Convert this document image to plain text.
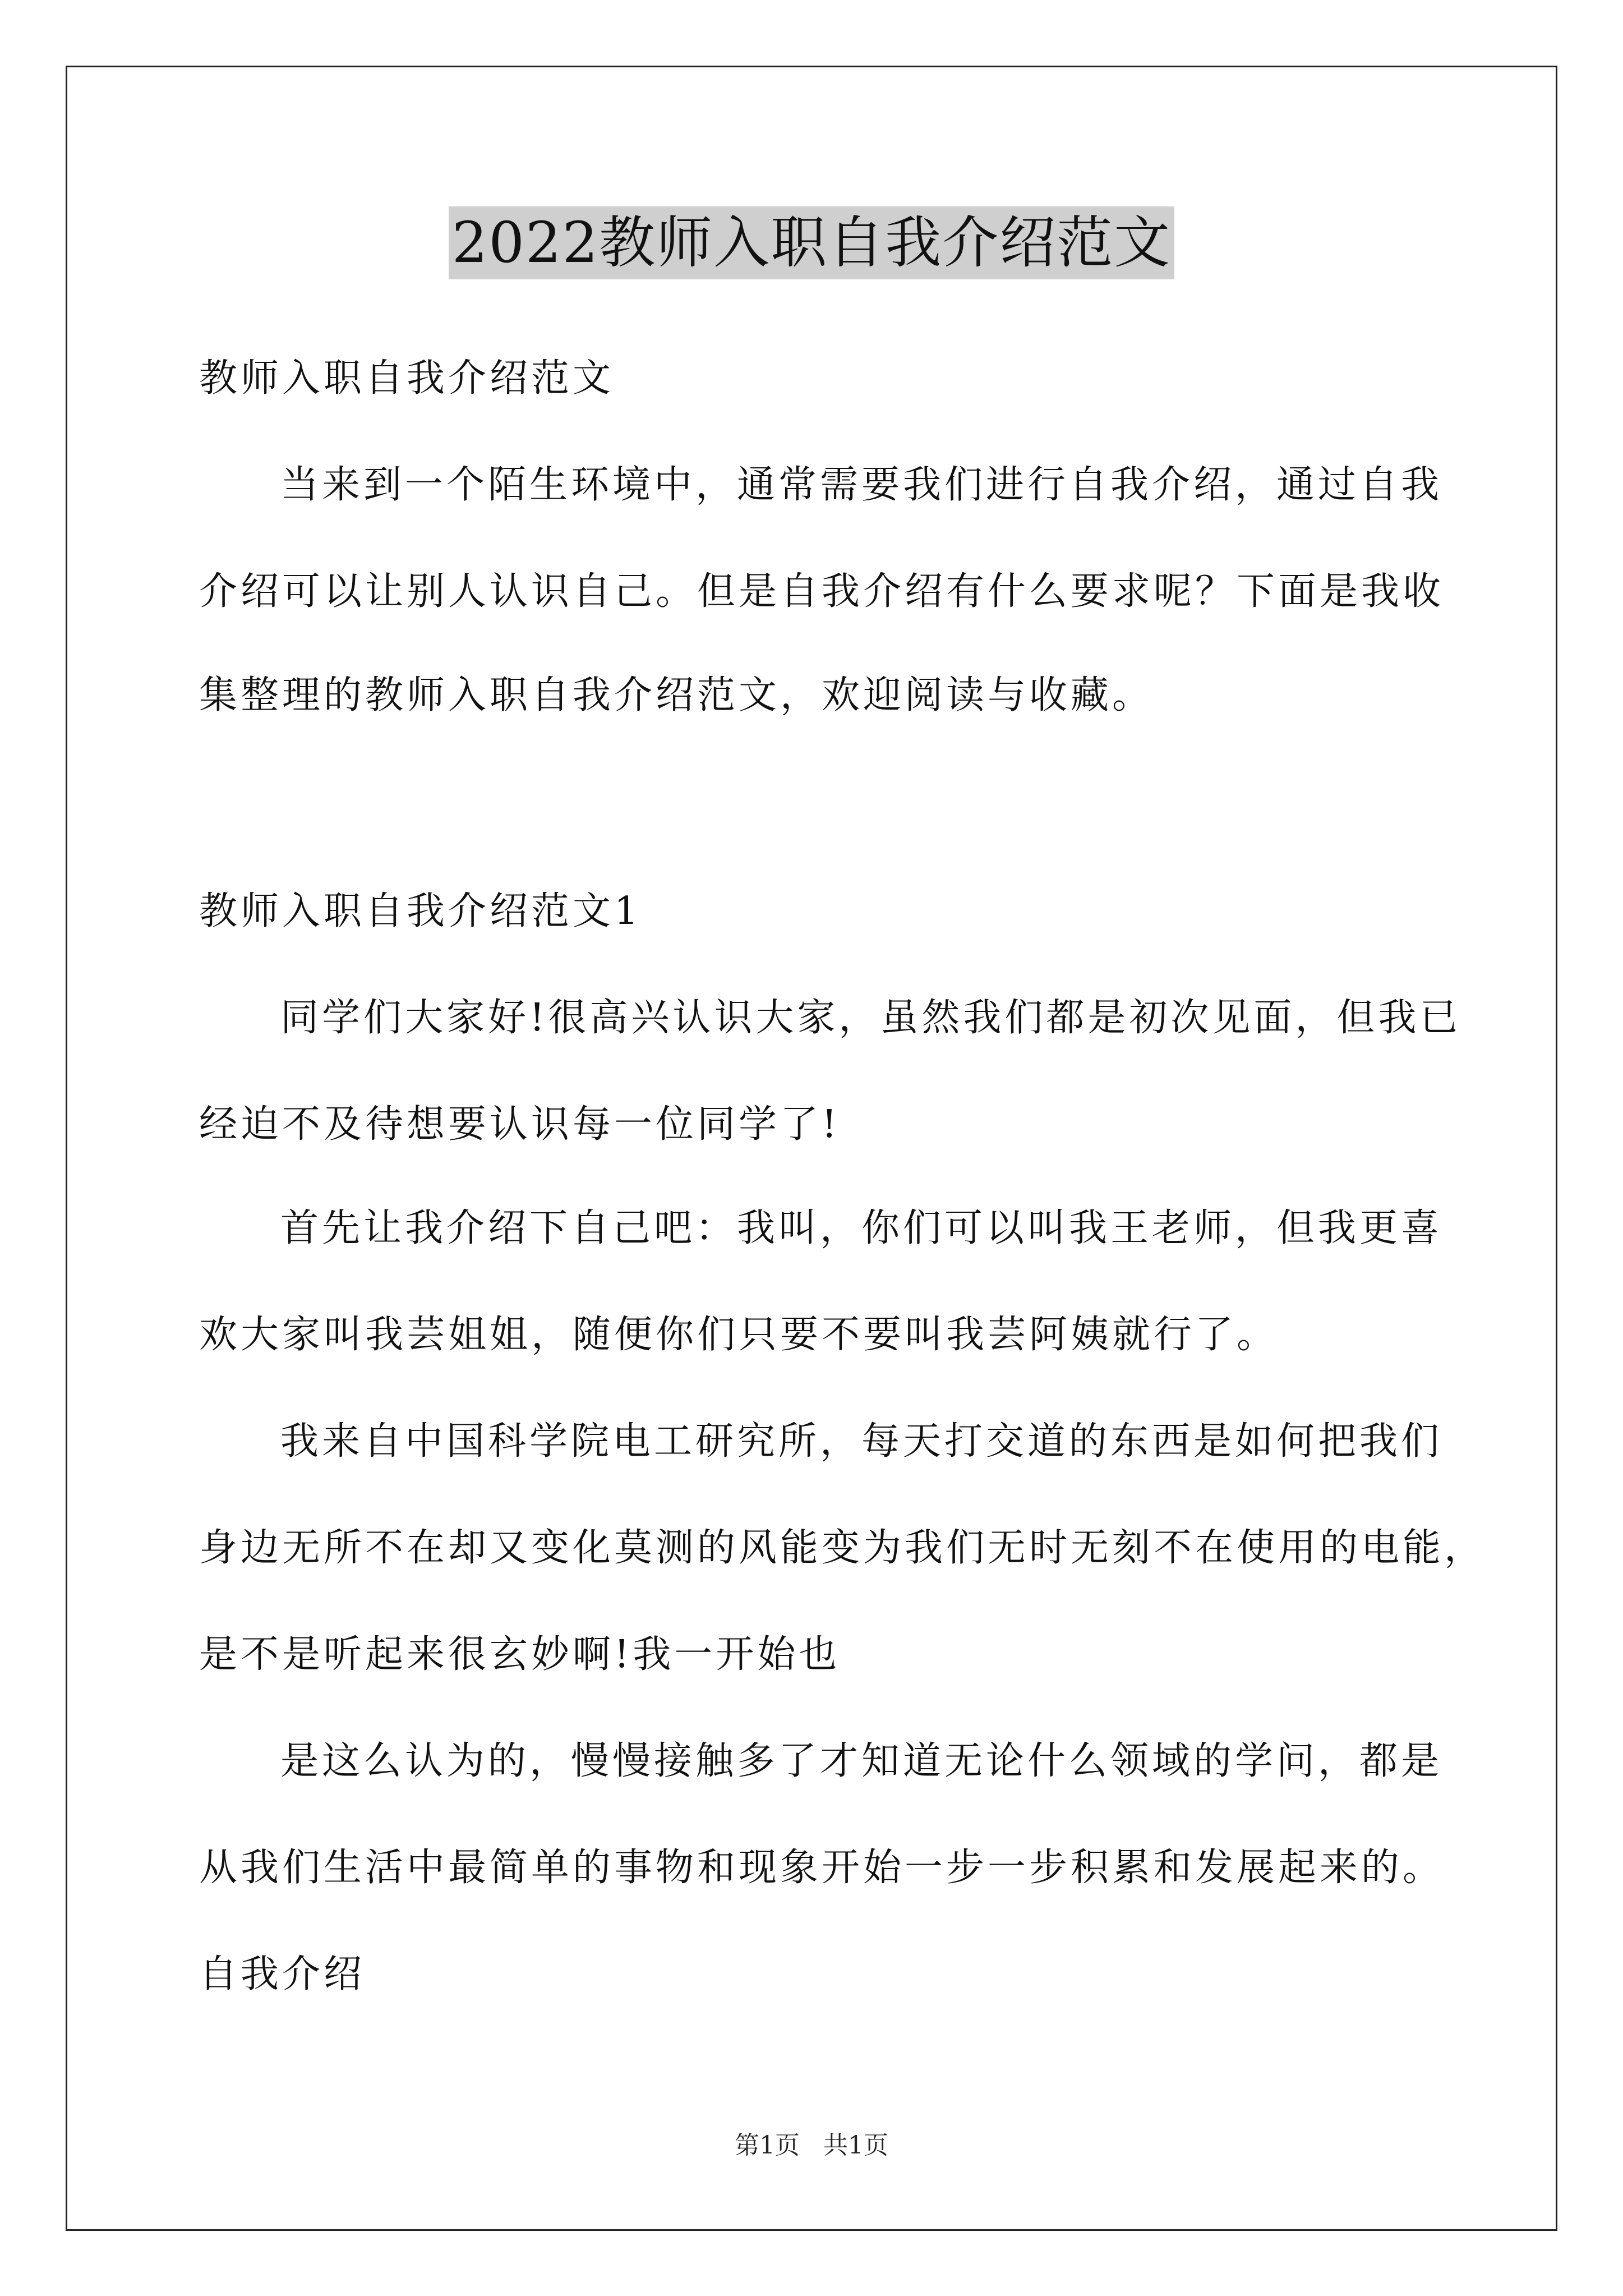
2022教师入职自我介绍范文
教师入职自我介绍范文
当来到一个陌生环境中，通常需要我们进行自我介绍，通过自我
介绍可以让别人认识自己。但是自我介绍有什么要求呢？下面是我收
集整理的教师入职自我介绍范文，欢迎阅读与收藏。
教师入职自我介绍范文1
同学们大家好!很高兴认识大家，虽然我们都是初次见面，但我已
经迫不及待想要认识每一位同学了!
首先让我介绍下自己吧：我叫，你们可以叫我王老师，但我更喜
欢大家叫我芸姐姐，随便你们只要不要叫我芸阿姨就行了。
我来自中国科学院电工研究所，每天打交道的东西是如何把我们
身边无所不在却又变化莫测的风能变为我们无时无刻不在使用的电能，
是不是听起来很玄妙啊!我一开始也
是这么认为的，慢慢接触多了才知道无论什么领域的学问，都是
从我们生活中最简单的事物和现象开始一步一步积累和发展起来的。
自我介绍
第1页 共1页
